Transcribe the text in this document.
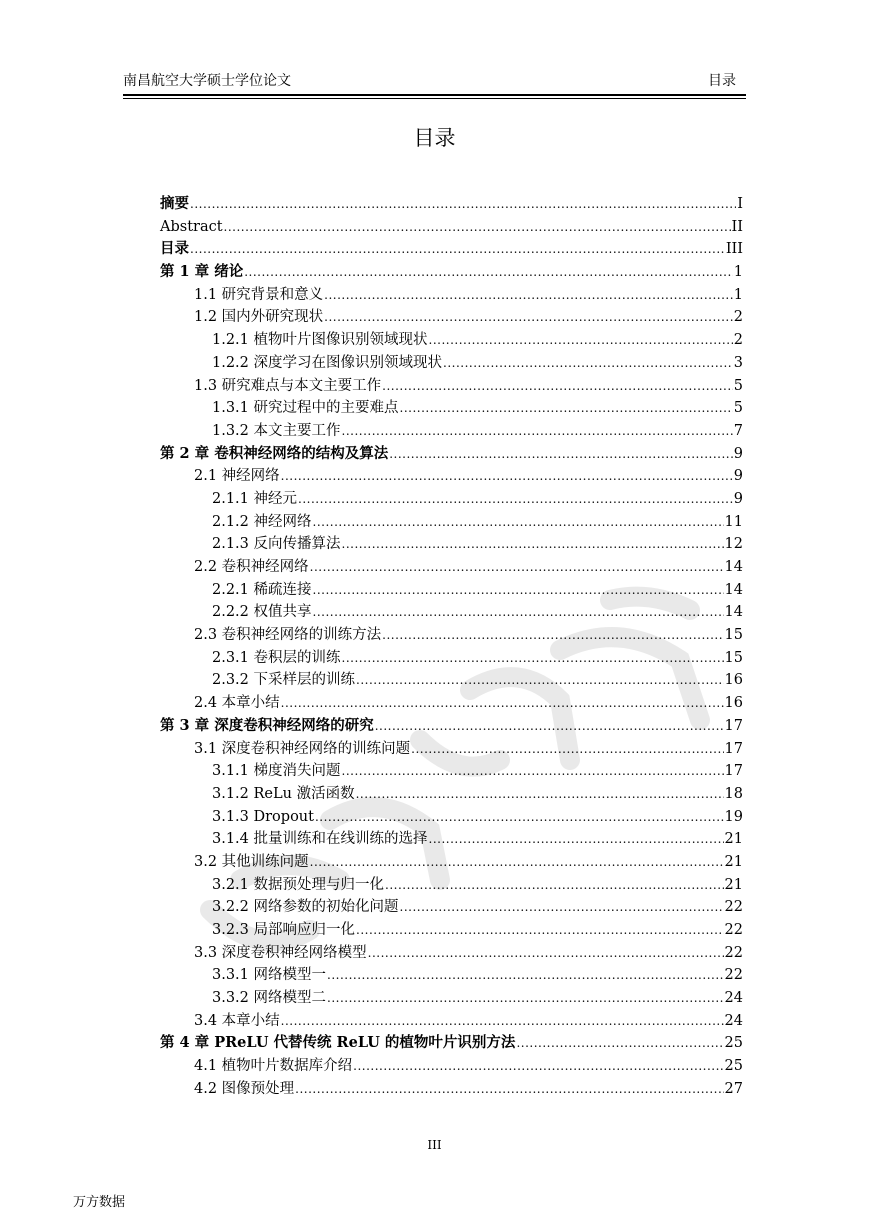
南昌航空大学硕士学位论文	目录
目录
摘要 .....	I
Abstract .....	II
目录 .....	III
第 1 章 绪论 .....	1
1.1 研究背景和意义 .....	1
1.2 国内外研究现状 .....	2
1.2.1 植物叶片图像识别领域现状 .....	2
1.2.2 深度学习在图像识别领域现状 .....	3
1.3 研究难点与本文主要工作 .....	5
1.3.1 研究过程中的主要难点 .....	5
1.3.2 本文主要工作 .....	7
第 2 章 卷积神经网络的结构及算法 .....	9
2.1 神经网络 .....	9
2.1.1 神经元 .....	9
2.1.2 神经网络 .....	11
2.1.3 反向传播算法 .....	12
2.2 卷积神经网络 .....	14
2.2.1 稀疏连接 .....	14
2.2.2 权值共享 .....	14
2.3 卷积神经网络的训练方法 .....	15
2.3.1 卷积层的训练 .....	15
2.3.2 下采样层的训练 .....	16
2.4 本章小结 .....	16
第 3 章 深度卷积神经网络的研究 .....	17
3.1 深度卷积神经网络的训练问题 .....	17
3.1.1 梯度消失问题 .....	17
3.1.2 ReLu 激活函数 .....	18
3.1.3 Dropout .....	19
3.1.4 批量训练和在线训练的选择 .....	21
3.2 其他训练问题 .....	21
3.2.1 数据预处理与归一化 .....	21
3.2.2 网络参数的初始化问题 .....	22
3.2.3 局部响应归一化 .....	22
3.3 深度卷积神经网络模型 .....	22
3.3.1 网络模型一 .....	22
3.3.2 网络模型二 .....	24
3.4 本章小结 .....	24
第 4 章 PReLU 代替传统 ReLU 的植物叶片识别方法 .....	25
4.1 植物叶片数据库介绍 .....	25
4.2 图像预处理 .....	27
III
万方数据
